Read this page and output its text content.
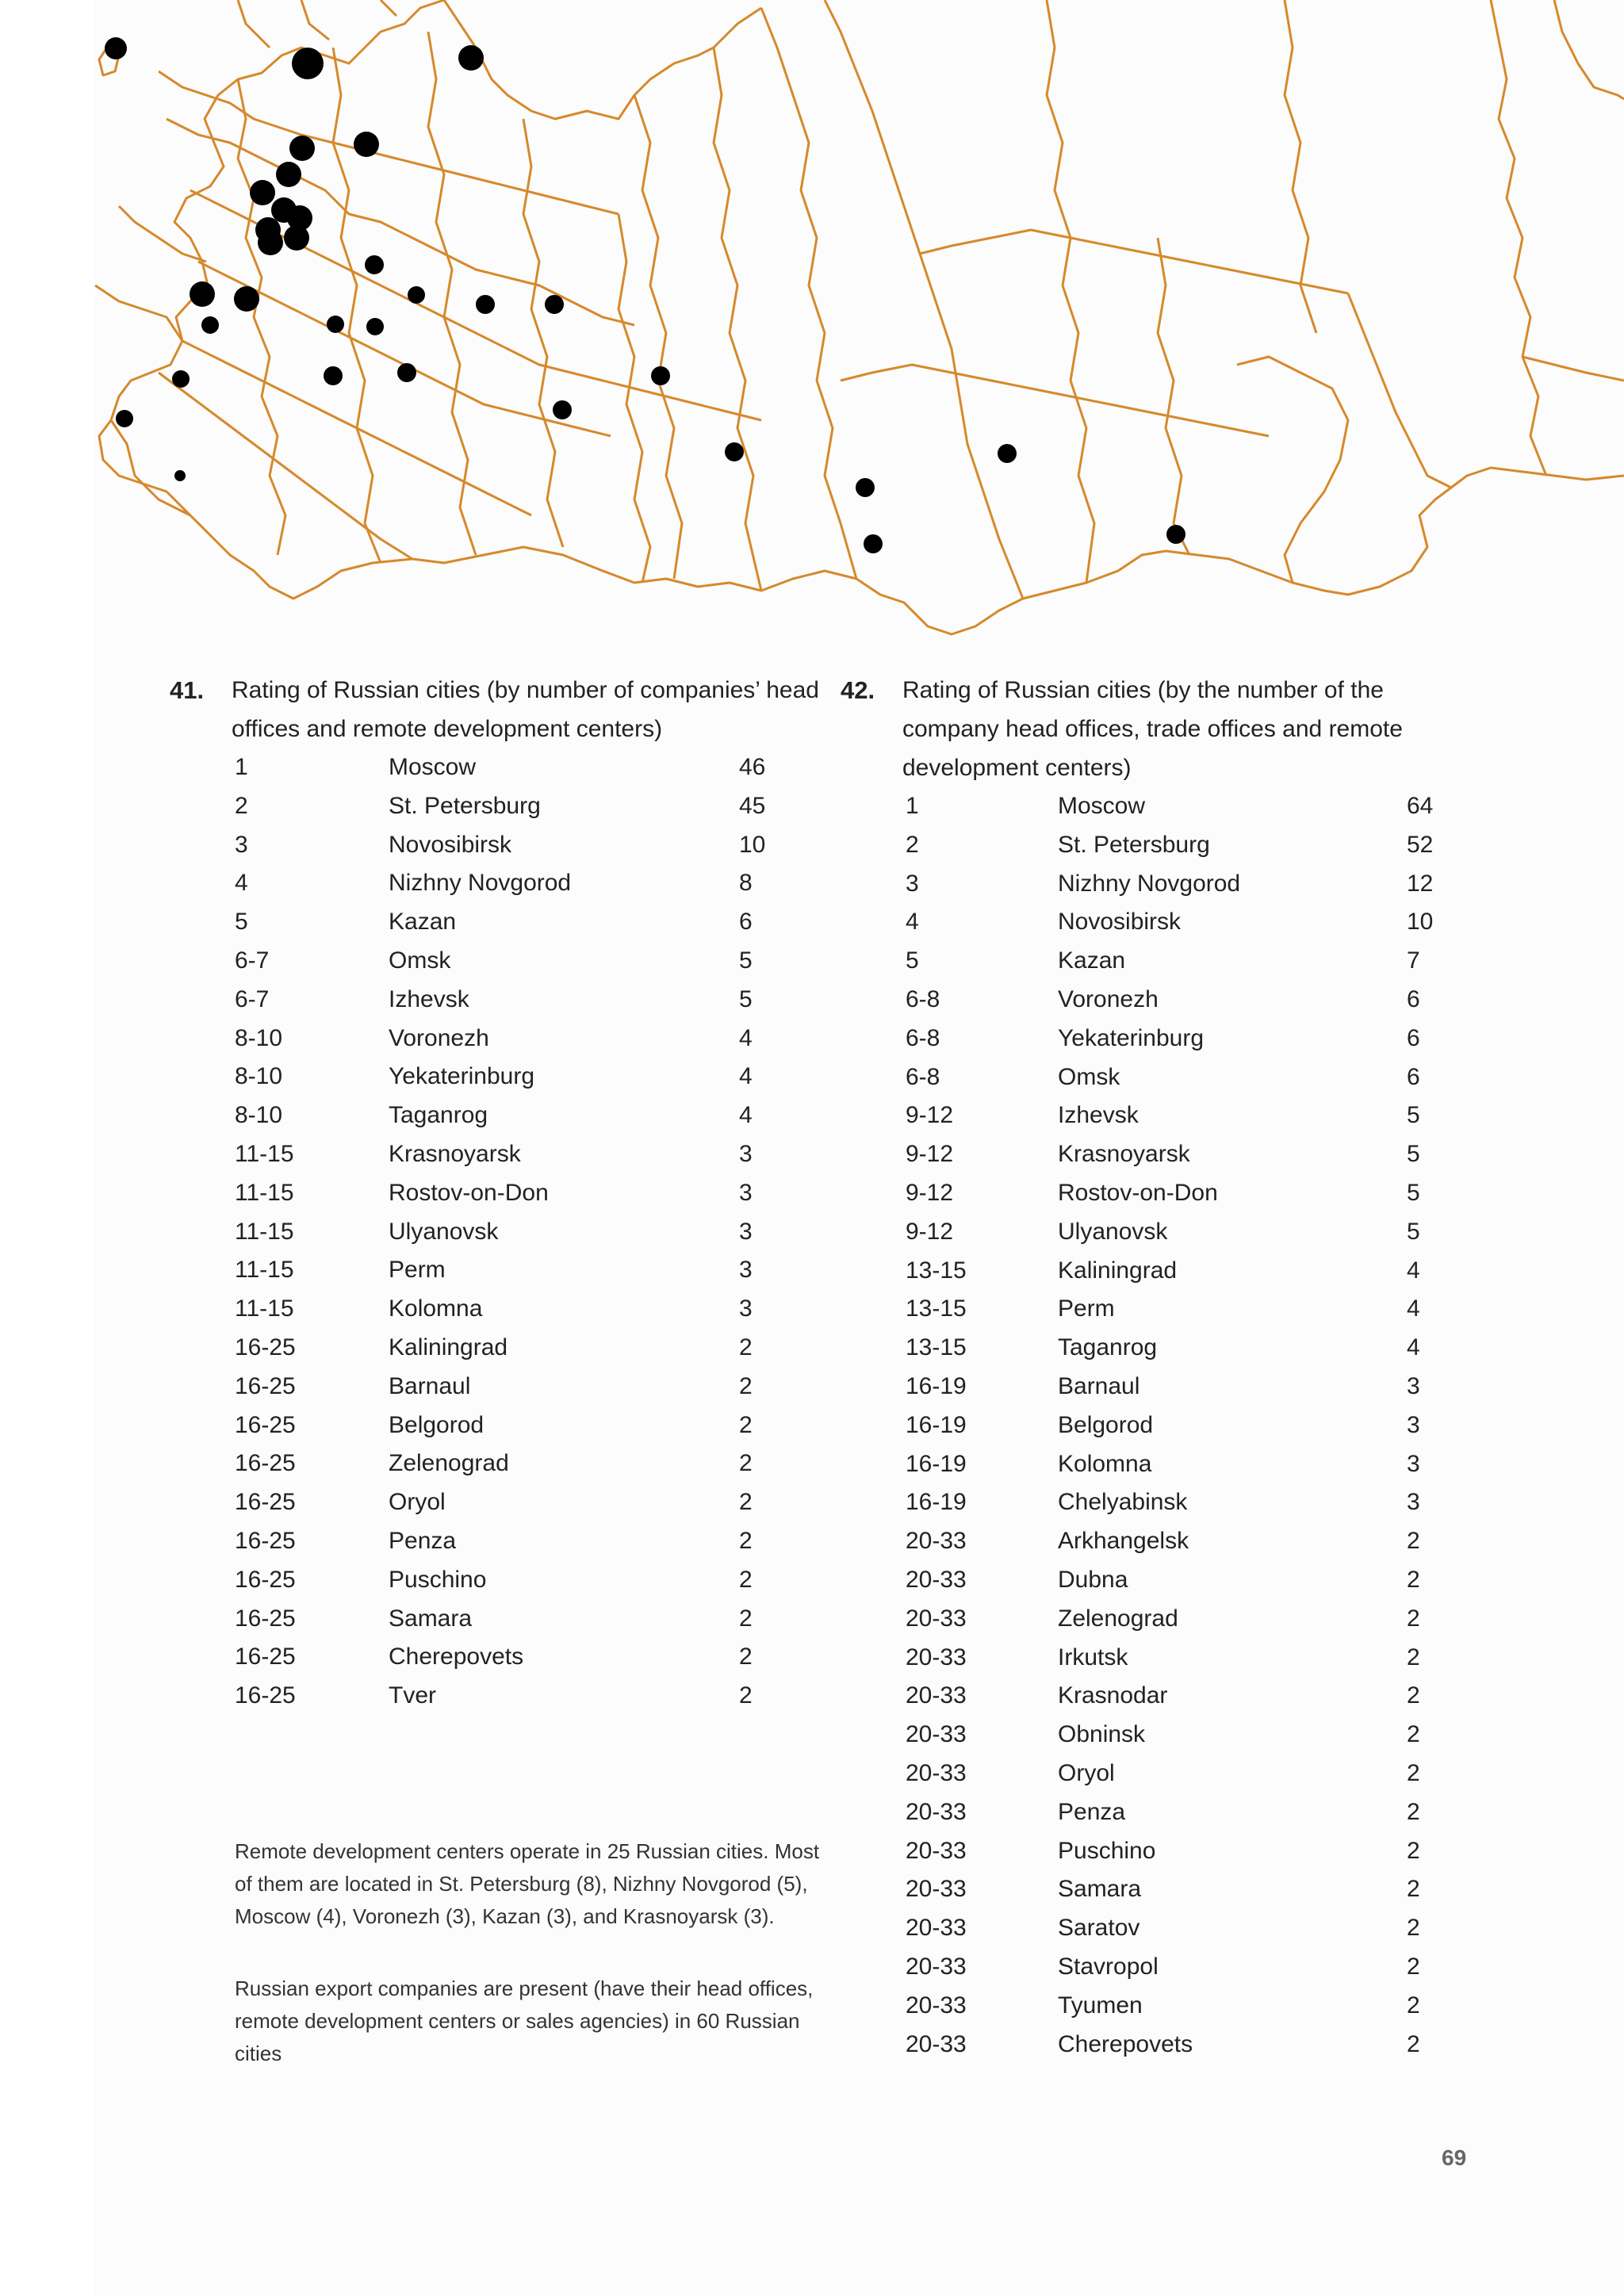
41. Rating of Russian cities (by number of companies’ head offices and remote development centers)
1	Moscow	46
2	St. Petersburg	45
3	Novosibirsk	10
4	Nizhny Novgorod	8
5	Kazan	6
6-7	Omsk	5
6-7	Izhevsk	5
8-10	Voronezh	4
8-10	Yekaterinburg	4
8-10	Taganrog	4
11-15	Krasnoyarsk	3
11-15	Rostov-on-Don	3
11-15	Ulyanovsk	3
11-15	Perm	3
11-15	Kolomna	3
16-25	Kaliningrad	2
16-25	Barnaul	2
16-25	Belgorod	2
16-25	Zelenograd	2
16-25	Oryol	2
16-25	Penza	2
16-25	Puschino	2
16-25	Samara	2
16-25	Cherepovets	2
16-25	Tver	2
42. Rating of Russian cities (by the number of the company head offices, trade offices and remote development centers)
1	Moscow	64
2	St. Petersburg	52
3	Nizhny Novgorod	12
4	Novosibirsk	10
5	Kazan	7
6-8	Voronezh	6
6-8	Yekaterinburg	6
6-8	Omsk	6
9-12	Izhevsk	5
9-12	Krasnoyarsk	5
9-12	Rostov-on-Don	5
9-12	Ulyanovsk	5
13-15	Kaliningrad	4
13-15	Perm	4
13-15	Taganrog	4
16-19	Barnaul	3
16-19	Belgorod	3
16-19	Kolomna	3
16-19	Chelyabinsk	3
20-33	Arkhangelsk	2
20-33	Dubna	2
20-33	Zelenograd	2
20-33	Irkutsk	2
20-33	Krasnodar	2
20-33	Obninsk	2
20-33	Oryol	2
20-33	Penza	2
20-33	Puschino	2
20-33	Samara	2
20-33	Saratov	2
20-33	Stavropol	2
20-33	Tyumen	2
20-33	Cherepovets	2
Remote development centers operate in 25 Russian cities. Most of them are located in St. Petersburg (8), Nizhny Novgorod (5), Moscow (4), Voronezh (3), Kazan (3), and Krasnoyarsk (3).
Russian export companies are present (have their head offices, remote development centers or sales agencies) in 60 Russian cities
69
